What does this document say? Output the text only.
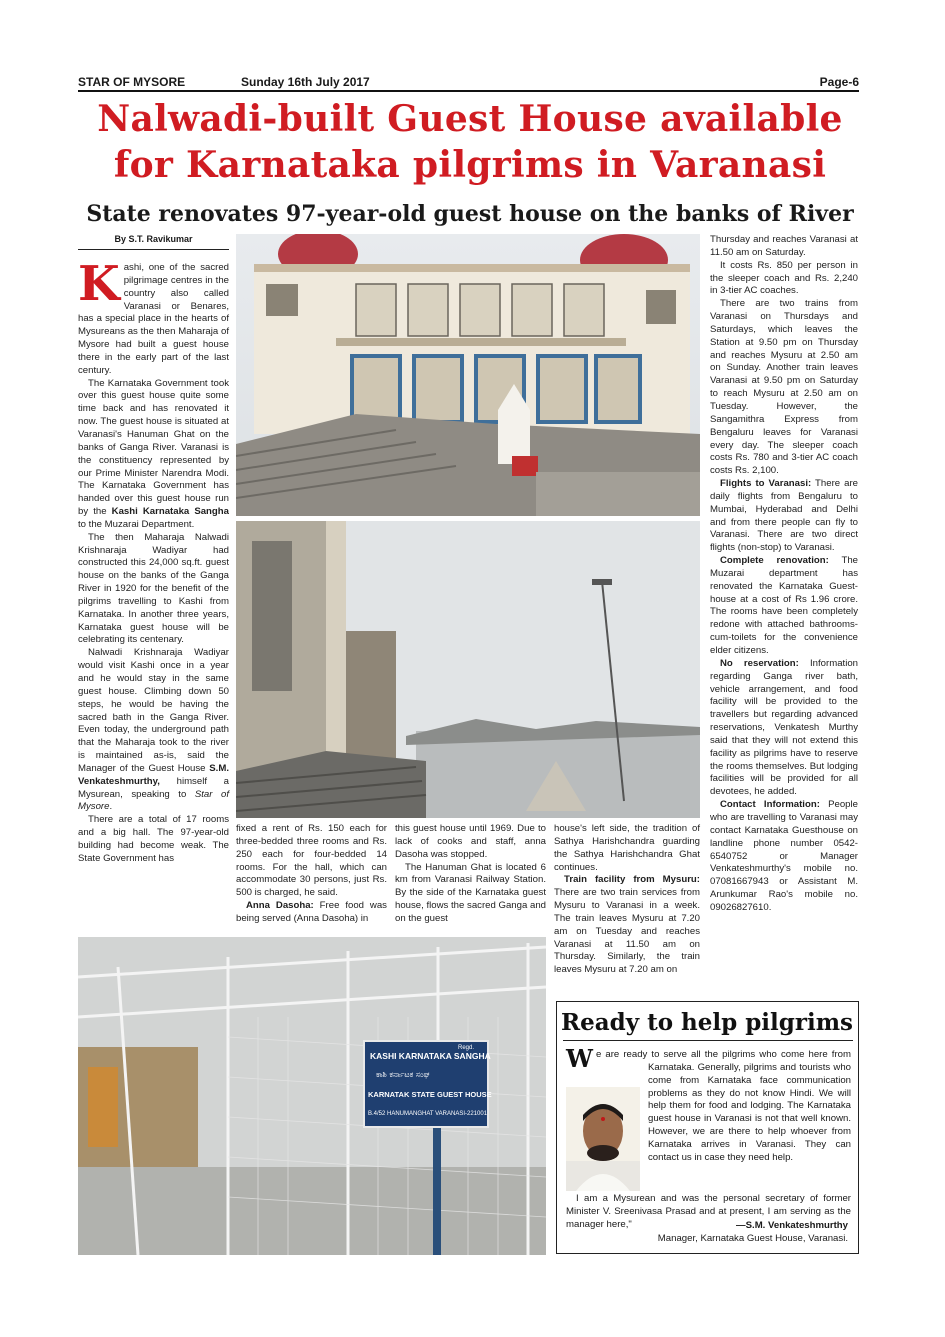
STAR OF MYSORE	Sunday 16th July 2017	Page-6
Nalwadi-built Guest House available
for Karnataka pilgrims in Varanasi
State renovates 97-year-old guest house on the banks of River
By S.T. Ravikumar

Kashi, one of the sacred pilgrimage centres in the country also called Varanasi or Benares, has a special place in the hearts of Mysureans as the then Maharaja of Mysore had built a guest house there in the early part of the last century.

The Karnataka Government took over this guest house quite some time back and has renovated it now. The guest house is situated at Varanasi's Hanuman Ghat on the banks of Ganga River. Varanasi is the constituency represented by our Prime Minister Narendra Modi. The Karnataka Government has handed over this guest house run by the Kashi Karnataka Sangha to the Muzarai Department.

The then Maharaja Nalwadi Krishnaraja Wadiyar had constructed this 24,000 sq.ft. guest house on the banks of the Ganga River in 1920 for the benefit of the pilgrims travelling to Kashi from Karnataka. In another three years, Karnataka guest house will be celebrating its centenary.

Nalwadi Krishnaraja Wadiyar would visit Kashi once in a year and he would stay in the same guest house. Climbing down 50 steps, he would be having the sacred bath in the Ganga River. Even today, the underground path that the Maharaja took to the river is maintained as-is, said the Manager of the Guest House S.M. Venkateshmurthy, himself a Mysurean, speaking to Star of Mysore.

There are a total of 17 rooms and a big hall. The 97-year-old building had become weak. The State Government has

fixed a rent of Rs. 150 each for three-bedded three rooms and Rs. 250 each for four-bedded 14 rooms. For the hall, which can accommodate 30 persons, just Rs. 500 is charged, he said.

Anna Dasoha: Free food was being served (Anna Dasoha) in

this guest house until 1969. Due to lack of cooks and staff, anna Dasoha was stopped.

The Hanuman Ghat is located 6 km from Varanasi Railway Station. By the side of the Karnataka guest house, flows the sacred Ganga and on the guest

house's left side, the tradition of Sathya Harishchandra guarding the Sathya Harishchandra Ghat continues.

Train facility from Mysuru: There are two train services from Mysuru to Varanasi in a week. The train leaves Mysuru at 7.20 am on Tuesday and reaches Varanasi at 11.50 am on Thursday. Similarly, the train leaves Mysuru at 7.20 am on

Thursday and reaches Varanasi at 11.50 am on Saturday.

It costs Rs. 850 per person in the sleeper coach and Rs. 2,240 in 3-tier AC coaches.

There are two trains from Varanasi on Thursdays and Saturdays, which leaves the Station at 9.50 pm on Thursday and reaches Mysuru at 2.50 am on Sunday. Another train leaves Varanasi at 9.50 pm on Saturday to reach Mysuru at 2.50 am on Tuesday. However, the Sangamithra Express from Bengaluru leaves for Varanasi every day. The sleeper coach costs Rs. 780 and 3-tier AC coach costs Rs. 2,100.

Flights to Varanasi: There are daily flights from Bengaluru to Mumbai, Hyderabad and Delhi and from there people can fly to Varanasi. There are two direct flights (non-stop) to Varanasi.

Complete renovation: The Muzarai department has renovated the Karnataka Guest-house at a cost of Rs 1.96 crore. The rooms have been completely redone with attached bathrooms-cum-toilets for the convenience elder citizens.

No reservation: Information regarding Ganga river bath, vehicle arrangement, and food facility will be provided to the travellers but regarding advanced reservations, Venkatesh Murthy said that they will not extend this facility as pilgrims have to reserve the rooms themselves. But lodging facilities will be provided for all devotees, he added.

Contact Information: People who are travelling to Varanasi may contact Karnataka Guesthouse on landline phone number 0542-6540752 or Manager Venkateshmurthy's mobile no. 07081667943 or Assistant M. Arunkumar Rao's mobile no. 09026827610.

KASHI KARNATAKA SANGHA
Regd.
ಕಾಶಿ ಕರ್ನಾಟಕ ಸಂಘ
KARNATAK STATE GUEST HOUSE
B.4/52 HANUMANGHAT VARANASI-221001
Ready to help pilgrims
W e are ready to serve all the pilgrims who come here from Karnataka. Generally, pilgrims and tourists who come from Karnataka face communication problems as they do not know Hindi. We will help them for food and lodging. The Karnataka guest house in Varanasi is not that well known. However, we are there to help whoever from Karnataka arrives in Varanasi. They can contact us in case they need help.

I am a Mysurean and was the personal secretary of former Minister V. Sreenivasa Prasad and at present, I am serving as the manager here,"	—S.M. Venkateshmurthy
Manager, Karnataka Guest House, Varanasi.
